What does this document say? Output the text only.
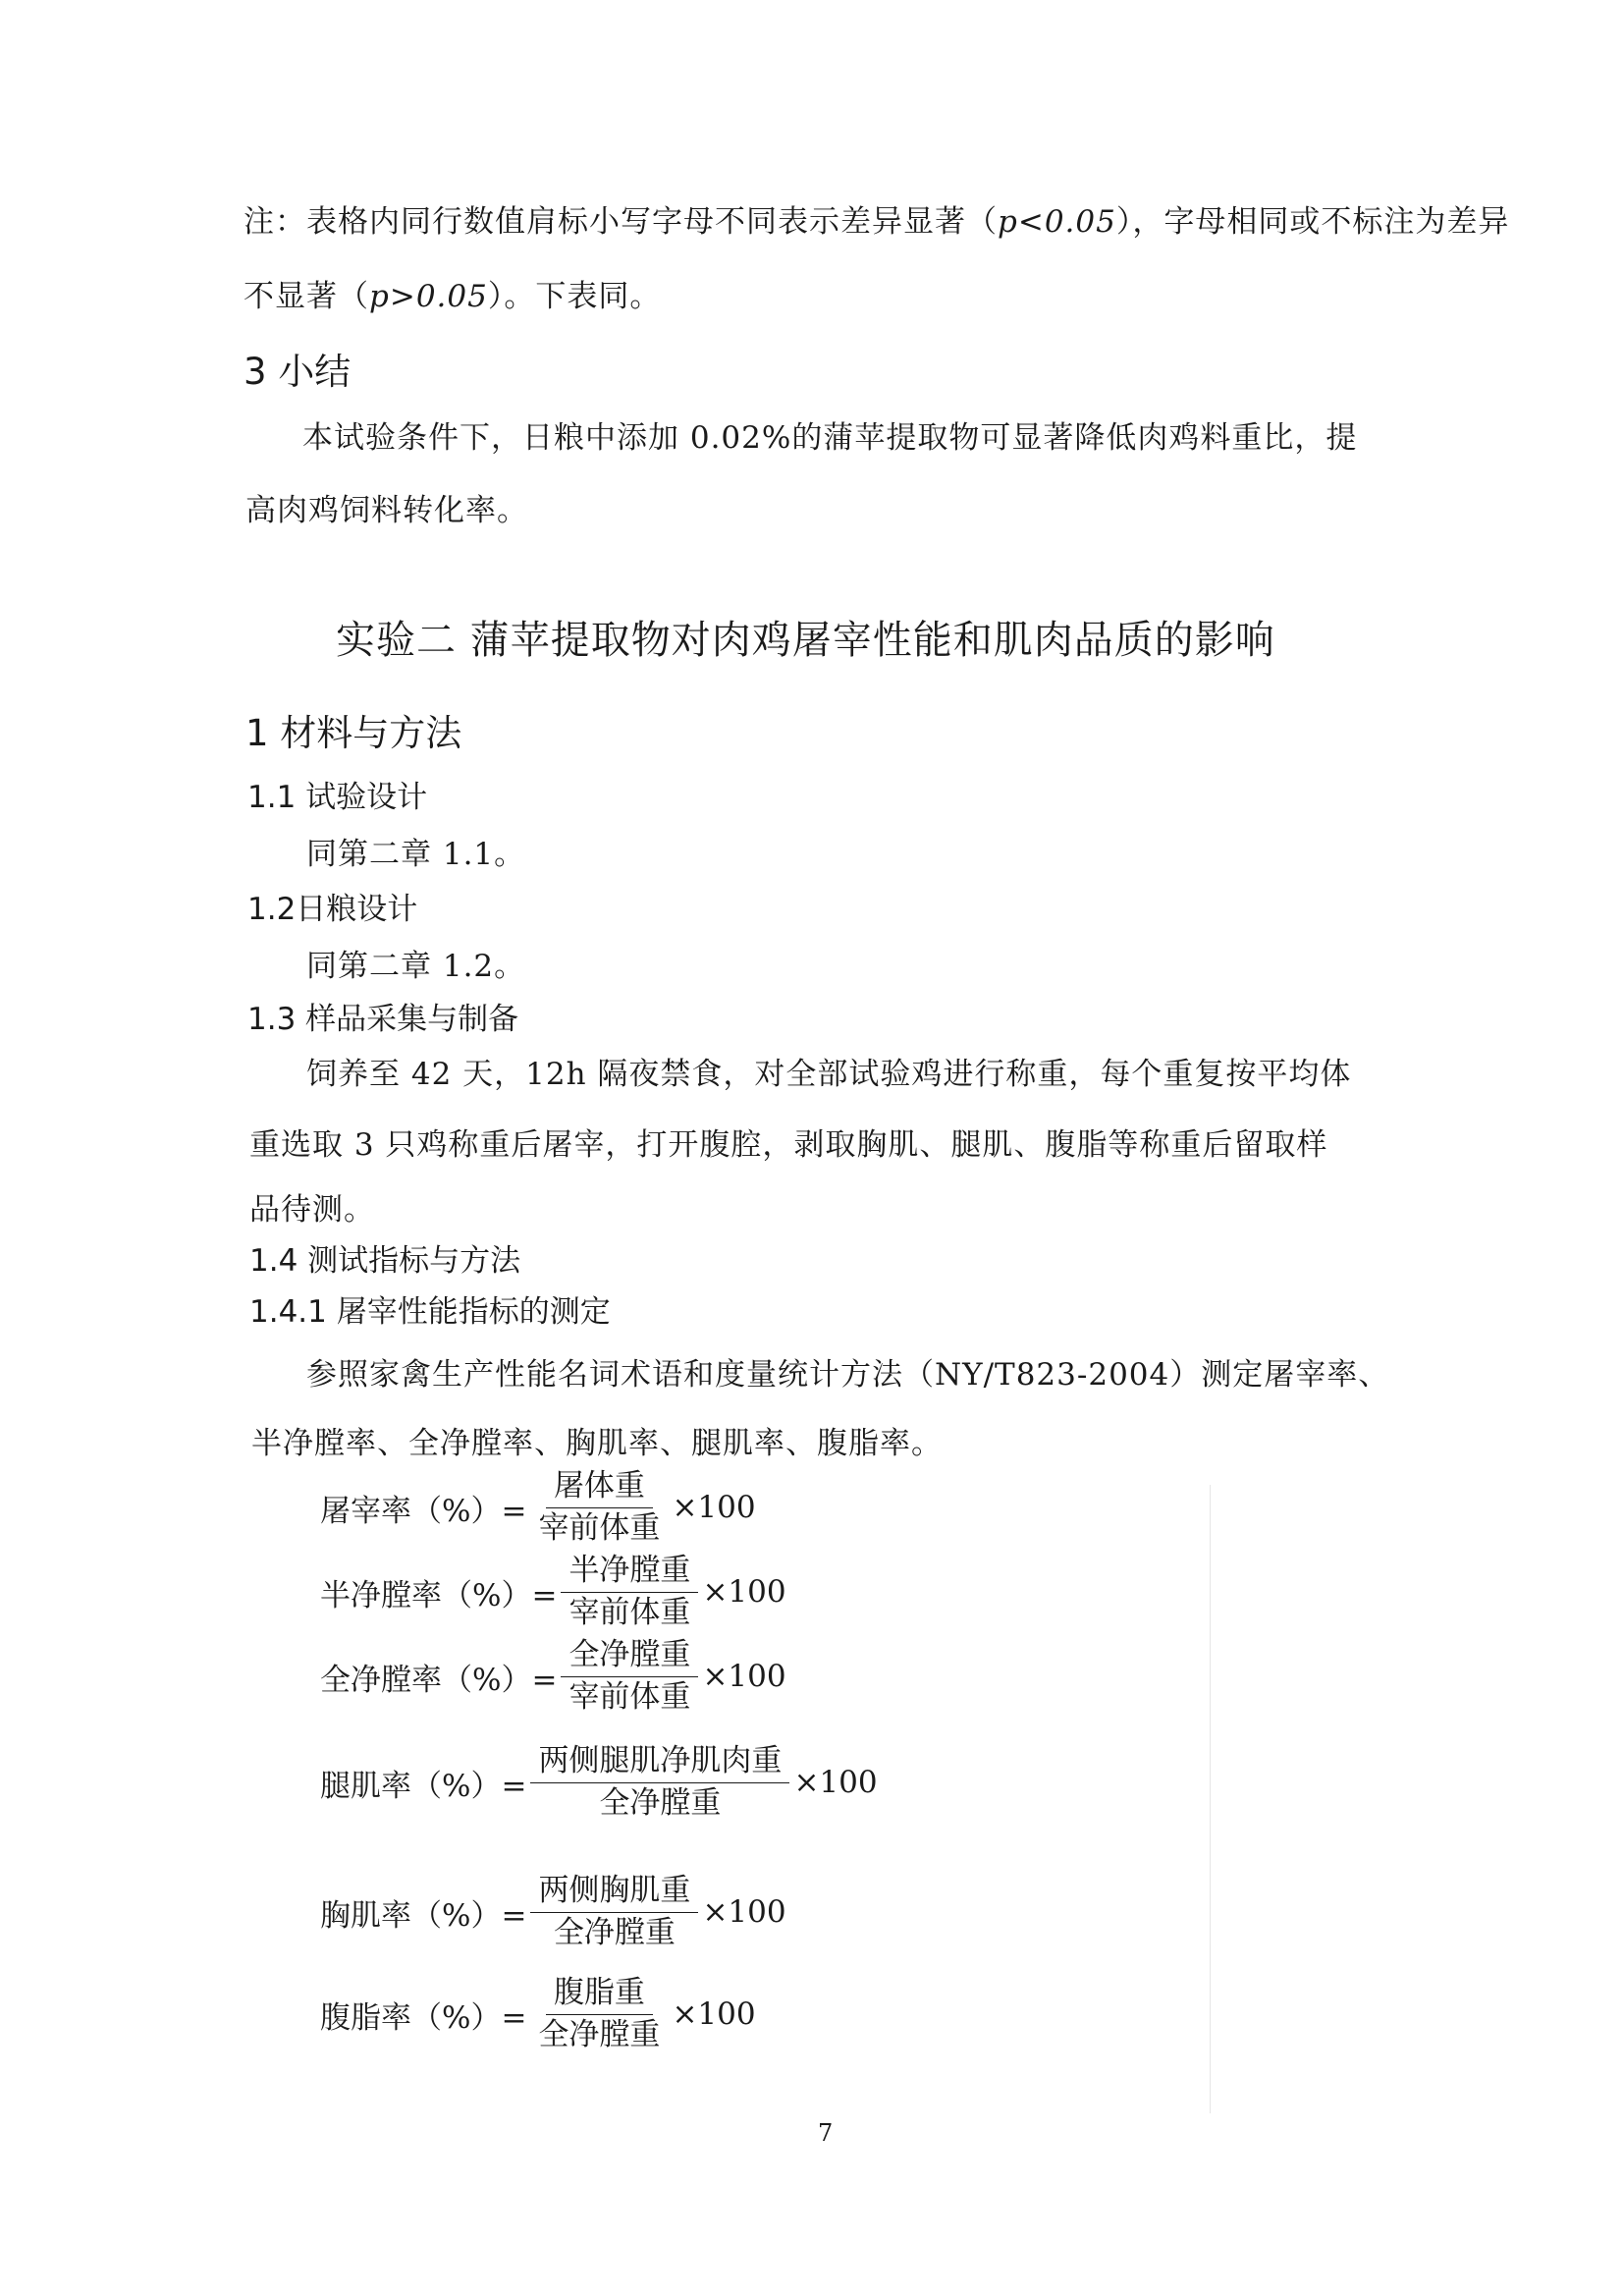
注：表格内同行数值肩标小写字母不同表示差异显著（p<0.05），字母相同或不标注为差异

不显著（p>0.05）。下表同。

3 小结

本试验条件下，日粮中添加 0.02%的蒲苹提取物可显著降低肉鸡料重比，提

高肉鸡饲料转化率。

实验二 蒲苹提取物对肉鸡屠宰性能和肌肉品质的影响

1 材料与方法

1.1 试验设计

同第二章 1.1。

1.2日粮设计

同第二章 1.2。

1.3 样品采集与制备

饲养至 42 天，12h 隔夜禁食，对全部试验鸡进行称重，每个重复按平均体

重选取 3 只鸡称重后屠宰，打开腹腔，剥取胸肌、腿肌、腹脂等称重后留取样

品待测。

1.4 测试指标与方法

1.4.1 屠宰性能指标的测定

参照家禽生产性能名词术语和度量统计方法（NY/T823-2004）测定屠宰率、

半净膛率、全净膛率、胸肌率、腿肌率、腹脂率。

屠宰率（%）= $\frac{\text{屠体重}}{\text{宰前体重}} \times 100$
半净膛率（%）= $\frac{\text{半净膛重}}{\text{宰前体重}} \times 100$
全净膛率（%）= $\frac{\text{全净膛重}}{\text{宰前体重}} \times 100$
腿肌率（%）= $\frac{\text{两侧腿肌净肌肉重}}{\text{全净膛重}} \times 100$
胸肌率（%）= $\frac{\text{两侧胸肌重}}{\text{全净膛重}} \times 100$
腹脂率（%）= $\frac{\text{腹脂重}}{\text{全净膛重}} \times 100$

7
